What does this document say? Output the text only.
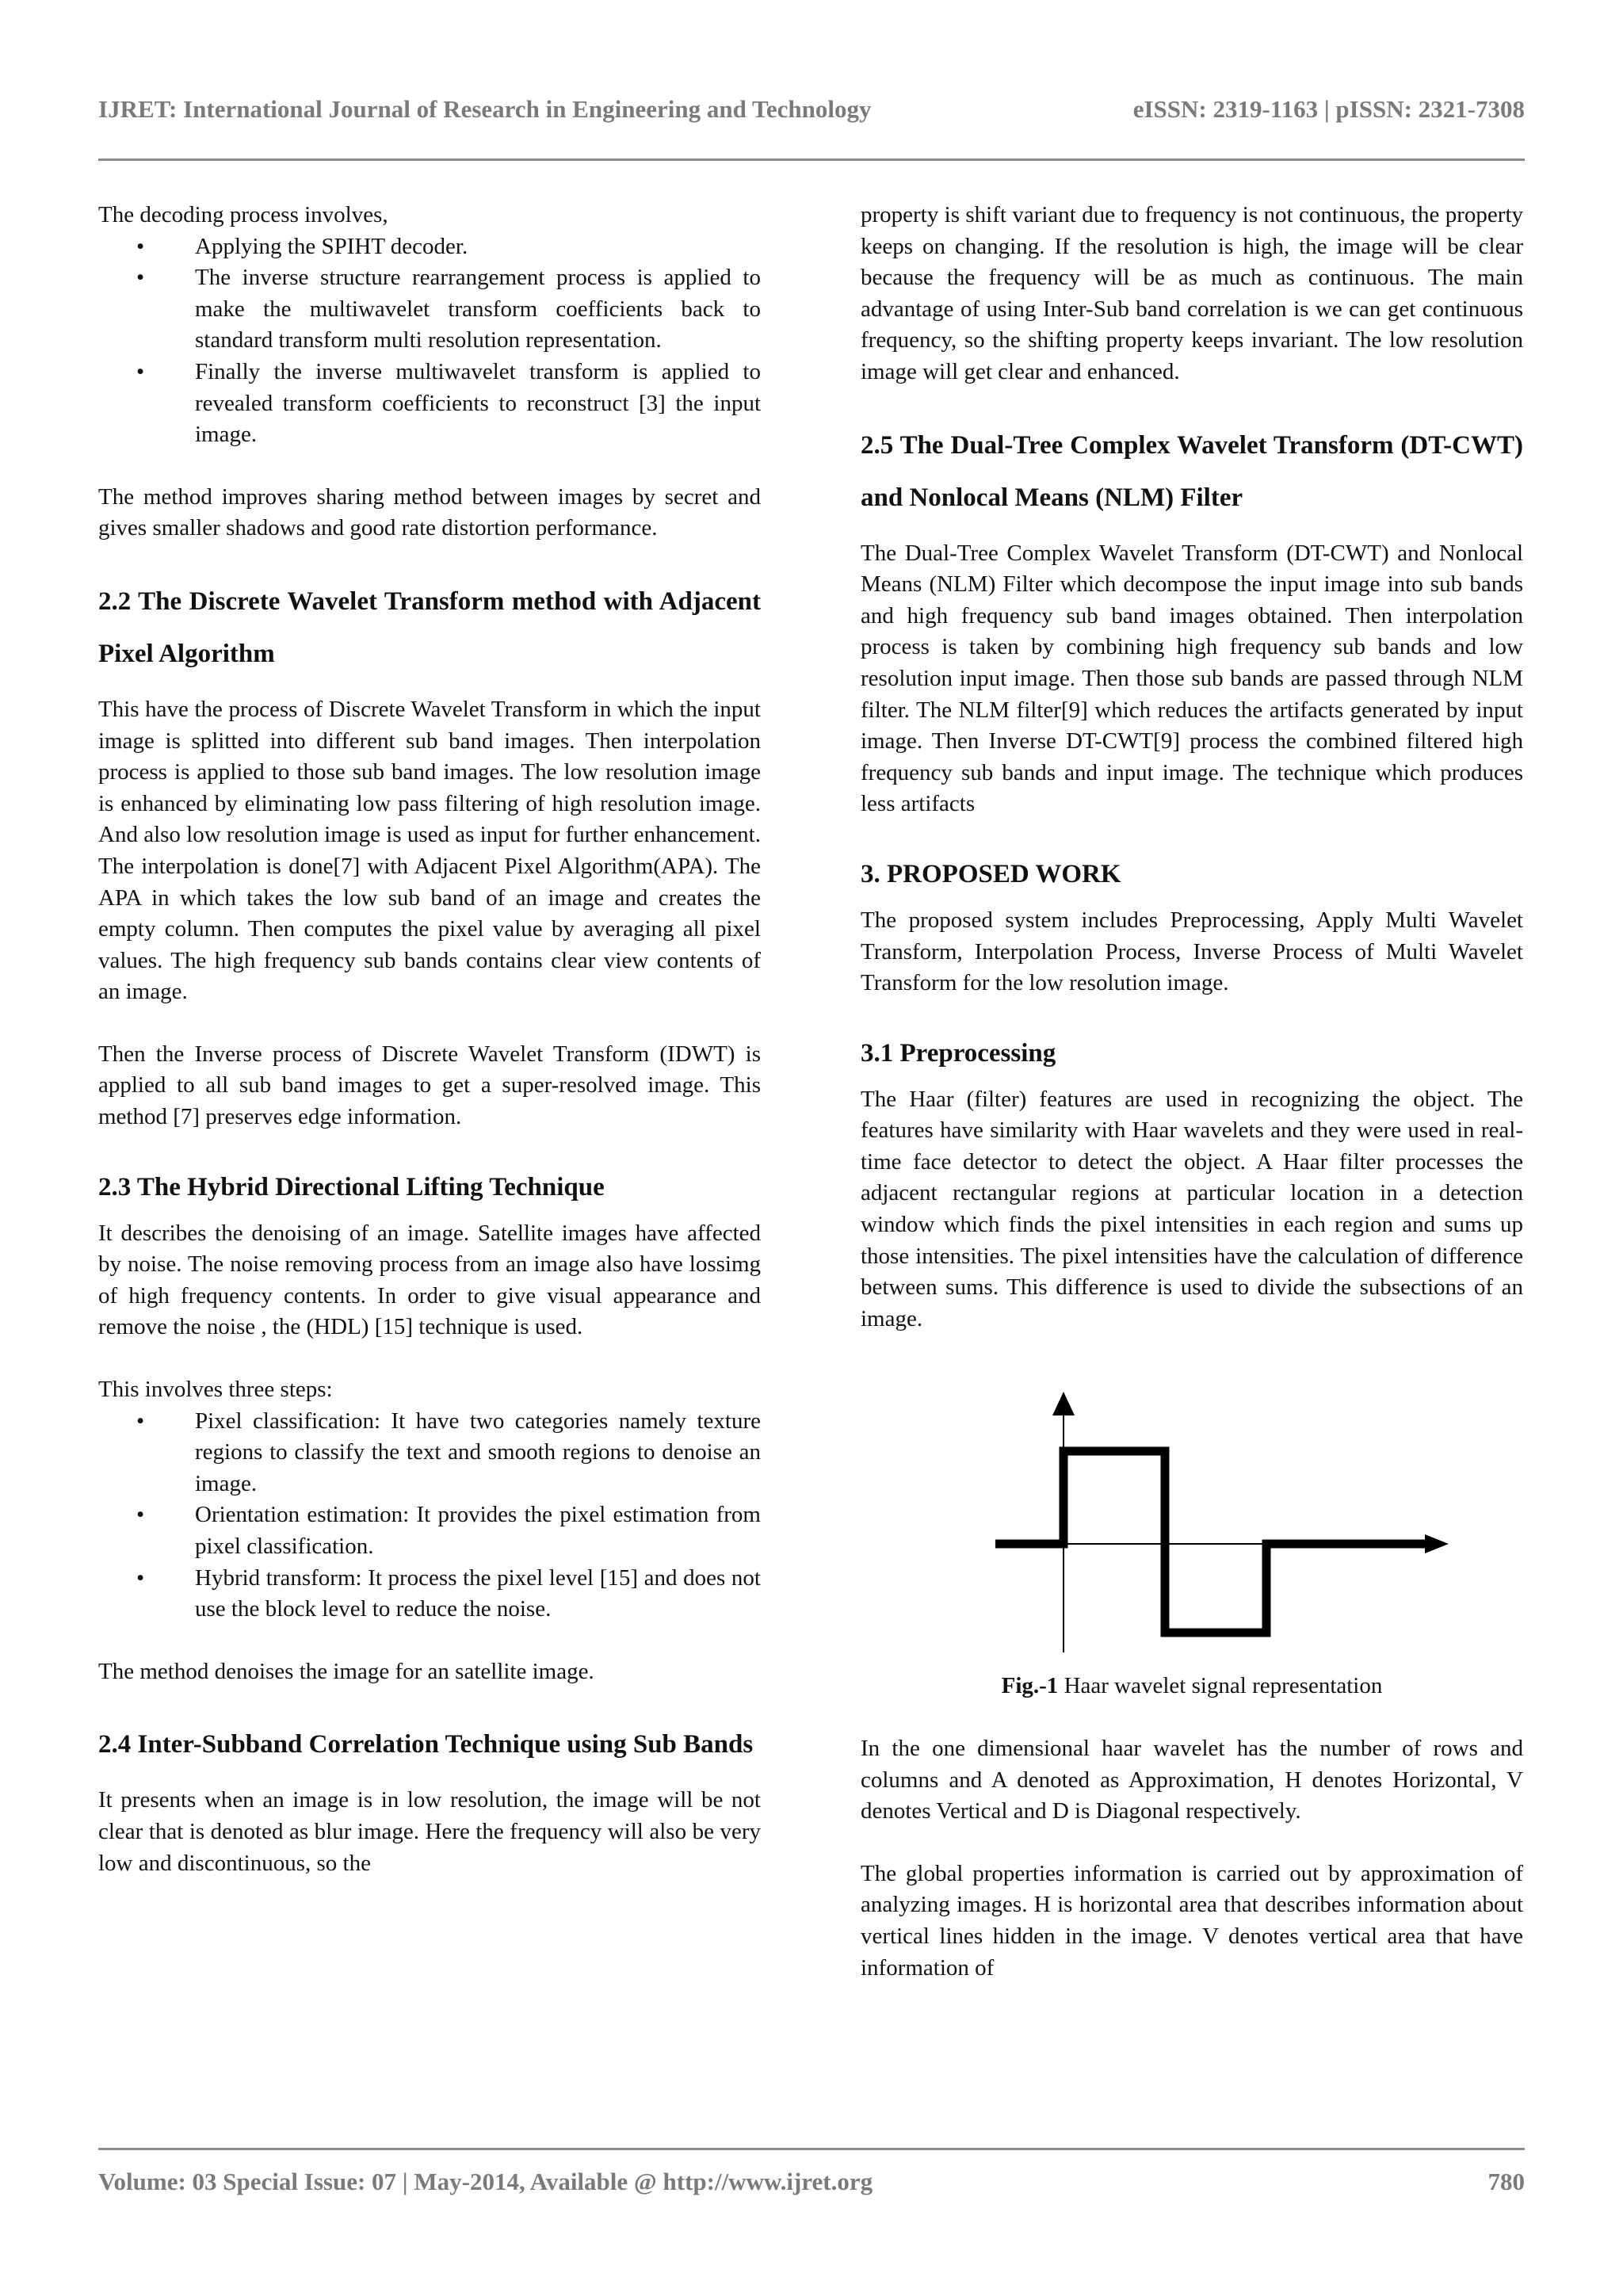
IJRET: International Journal of Research in Engineering and Technology	eISSN: 2319-1163 | pISSN: 2321-7308

The decoding process involves,

• Applying the SPIHT decoder.
• The inverse structure rearrangement process is applied to make the multiwavelet transform coefficients back to standard transform multi resolution representation.
• Finally the inverse multiwavelet transform is applied to revealed transform coefficients to reconstruct [3] the input image.

The method improves sharing method between images by secret and gives smaller shadows and good rate distortion performance.

2.2 The Discrete Wavelet Transform method with Adjacent Pixel Algorithm

This have the process of Discrete Wavelet Transform in which the input image is splitted into different sub band images. Then interpolation process is applied to those sub band images. The low resolution image is enhanced by eliminating low pass filtering of high resolution image. And also low resolution image is used as input for further enhancement. The interpolation is done[7] with Adjacent Pixel Algorithm(APA). The APA in which takes the low sub band of an image and creates the empty column. Then computes the pixel value by averaging all pixel values. The high frequency sub bands contains clear view contents of an image.

Then the Inverse process of Discrete Wavelet Transform (IDWT) is applied to all sub band images to get a super-resolved image. This method [7] preserves edge information.

2.3 The Hybrid Directional Lifting Technique

It describes the denoising of an image. Satellite images have affected by noise. The noise removing process from an image also have lossimg of high frequency contents. In order to give visual appearance and remove the noise , the (HDL) [15] technique is used.

This involves three steps:

• Pixel classification: It have two categories namely texture regions to classify the text and smooth regions to denoise an image.
• Orientation estimation: It provides the pixel estimation from pixel classification.
• Hybrid transform: It process the pixel level [15] and does not use the block level to reduce the noise.

The method denoises the image for an satellite image.

2.4 Inter-Subband Correlation Technique using Sub Bands

It presents when an image is in low resolution, the image will be not clear that is denoted as blur image. Here the frequency will also be very low and discontinuous, so the

property is shift variant due to frequency is not continuous, the property keeps on changing. If the resolution is high, the image will be clear because the frequency will be as much as continuous. The main advantage of using Inter-Sub band correlation is we can get continuous frequency, so the shifting property keeps invariant. The low resolution image will get clear and enhanced.

2.5 The Dual-Tree Complex Wavelet Transform (DT-CWT) and Nonlocal Means (NLM) Filter

The Dual-Tree Complex Wavelet Transform (DT-CWT) and Nonlocal Means (NLM) Filter which decompose the input image into sub bands and high frequency sub band images obtained. Then interpolation process is taken by combining high frequency sub bands and low resolution input image. Then those sub bands are passed through NLM filter. The NLM filter[9] which reduces the artifacts generated by input image. Then Inverse DT-CWT[9] process the combined filtered high frequency sub bands and input image. The technique which produces less artifacts

3. PROPOSED WORK

The proposed system includes Preprocessing, Apply Multi Wavelet Transform, Interpolation Process, Inverse Process of Multi Wavelet Transform for the low resolution image.

3.1 Preprocessing

The Haar (filter) features are used in recognizing the object. The features have similarity with Haar wavelets and they were used in real-time face detector to detect the object. A Haar filter processes the adjacent rectangular regions at particular location in a detection window which finds the pixel intensities in each region and sums up those intensities. The pixel intensities have the calculation of difference between sums. This difference is used to divide the subsections of an image.

Fig.-1 Haar wavelet signal representation

In the one dimensional haar wavelet has the number of rows and columns and A denoted as Approximation, H denotes Horizontal, V denotes Vertical and D is Diagonal respectively.

The global properties information is carried out by approximation of analyzing images. H is horizontal area that describes information about vertical lines hidden in the image. V denotes vertical area that have information of

Volume: 03 Special Issue: 07 | May-2014, Available @ http://www.ijret.org	780
